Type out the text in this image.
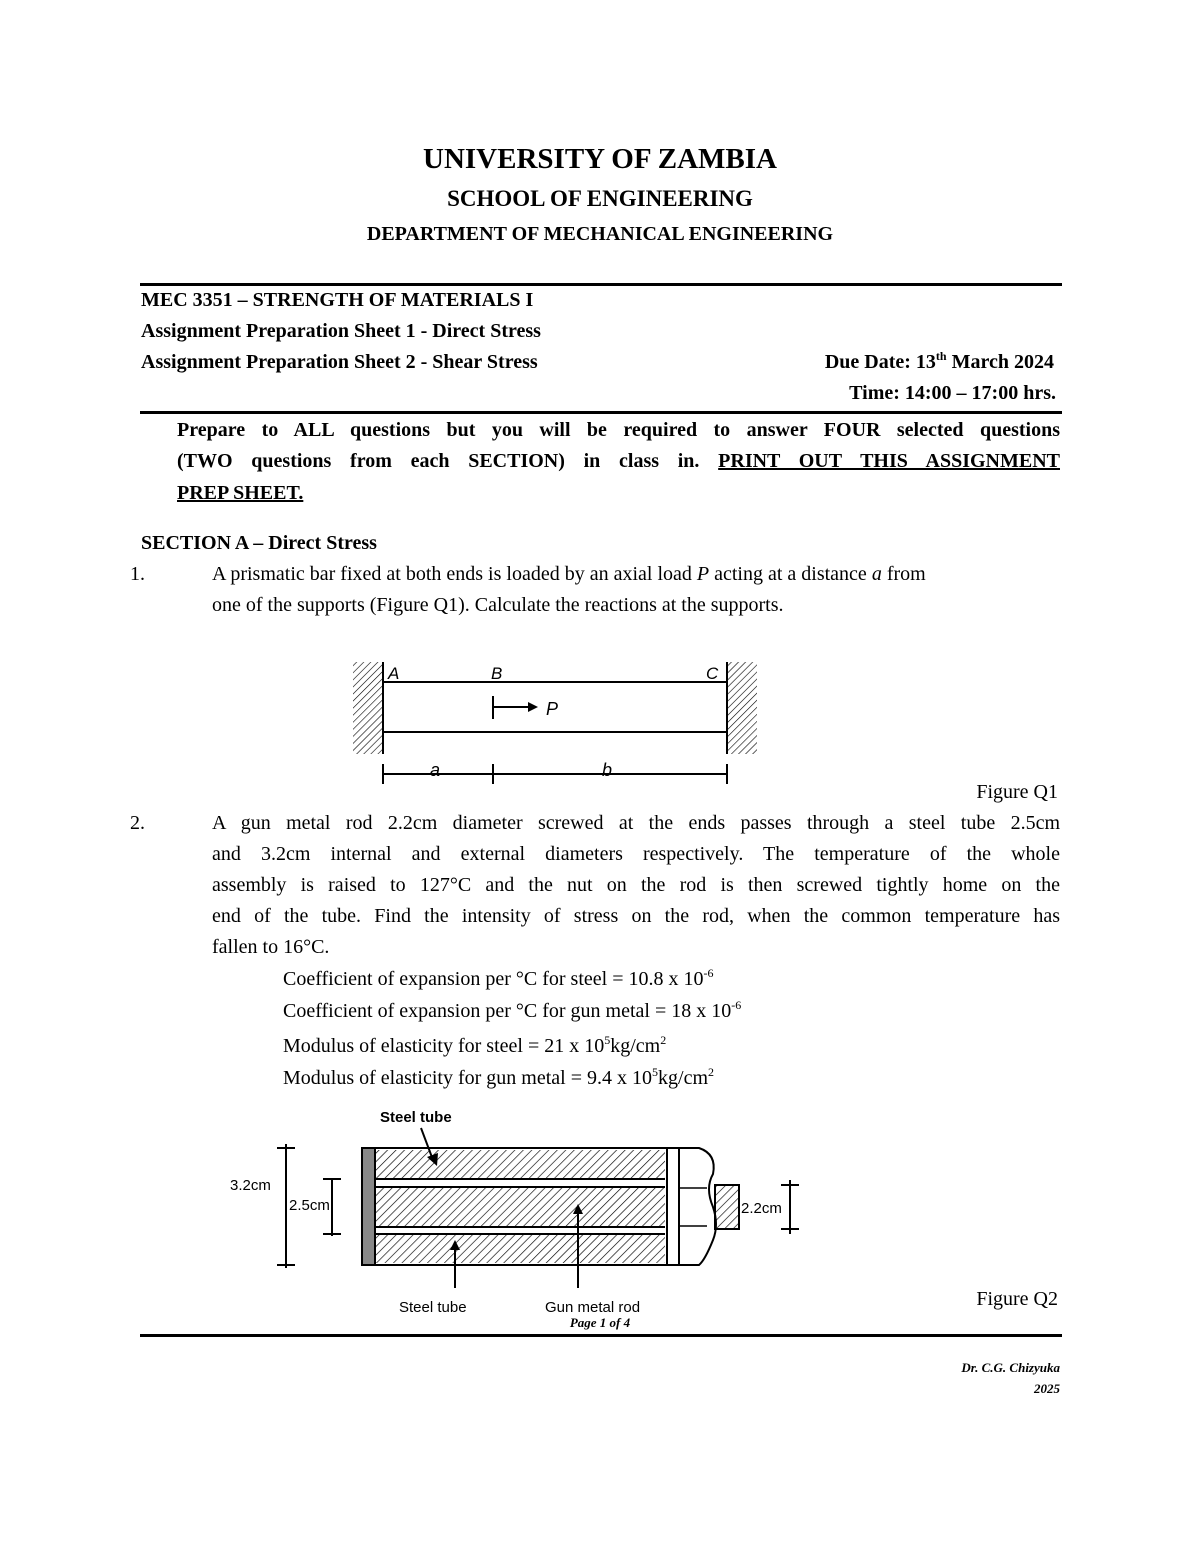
UNIVERSITY OF ZAMBIA
SCHOOL OF ENGINEERING
DEPARTMENT OF MECHANICAL ENGINEERING
MEC 3351 – STRENGTH OF MATERIALS I
Assignment Preparation Sheet 1 - Direct Stress
Assignment Preparation Sheet 2 - Shear Stress	Due Date: 13th March 2024
Time: 14:00 – 17:00 hrs.
Prepare to ALL questions but you will be required to answer FOUR selected questions
(TWO questions from each SECTION) in class in. PRINT OUT THIS ASSIGNMENT
PREP SHEET.
SECTION A – Direct Stress
1.	A prismatic bar fixed at both ends is loaded by an axial load P acting at a distance a from
one of the supports (Figure Q1). Calculate the reactions at the supports.
A	B	C
P
a	b
Figure Q1
2.	A gun metal rod 2.2cm diameter screwed at the ends passes through a steel tube 2.5cm
and 3.2cm internal and external diameters respectively. The temperature of the whole
assembly is raised to 127°C and the nut on the rod is then screwed tightly home on the
end of the tube. Find the intensity of stress on the rod, when the common temperature has
fallen to 16°C.
Coefficient of expansion per °C for steel = 10.8 x $10^{-6}$
Coefficient of expansion per °C for gun metal = 18 x $10^{-6}$
Modulus of elasticity for steel = 21 x $10^5kg/cm^2$
Modulus of elasticity for gun metal = 9.4 x $10^5kg/cm^2$
Steel tube
3.2cm
2.5cm	2.2cm
Steel tube	Gun metal rod	Figure Q2
Page 1 of 4
Dr. C.G. Chizyuka
2025
